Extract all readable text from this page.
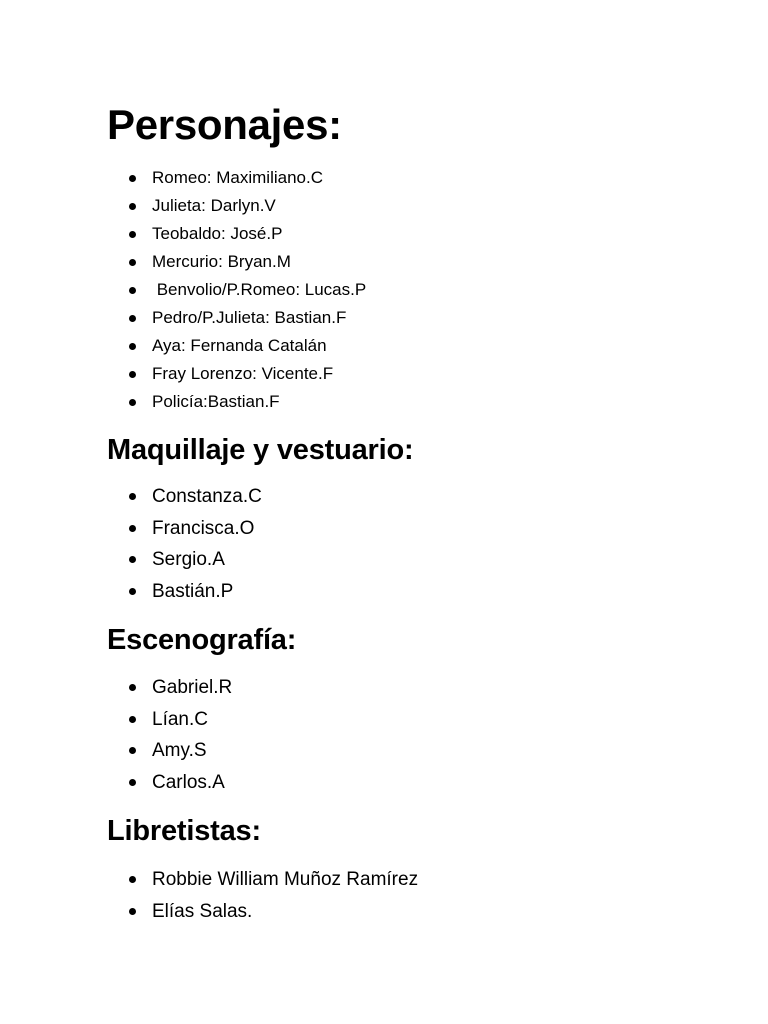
Personajes:
Romeo: Maximiliano.C
Julieta: Darlyn.V
Teobaldo: José.P
Mercurio: Bryan.M
Benvolio/P.Romeo: Lucas.P
Pedro/P.Julieta: Bastian.F
Aya: Fernanda Catalán
Fray Lorenzo: Vicente.F
Policía:Bastian.F
Maquillaje y vestuario:
Constanza.C
Francisca.O
Sergio.A
Bastián.P
Escenografía:
Gabriel.R
Lían.C
Amy.S
Carlos.A
Libretistas:
Robbie William Muñoz Ramírez
Elías Salas.
